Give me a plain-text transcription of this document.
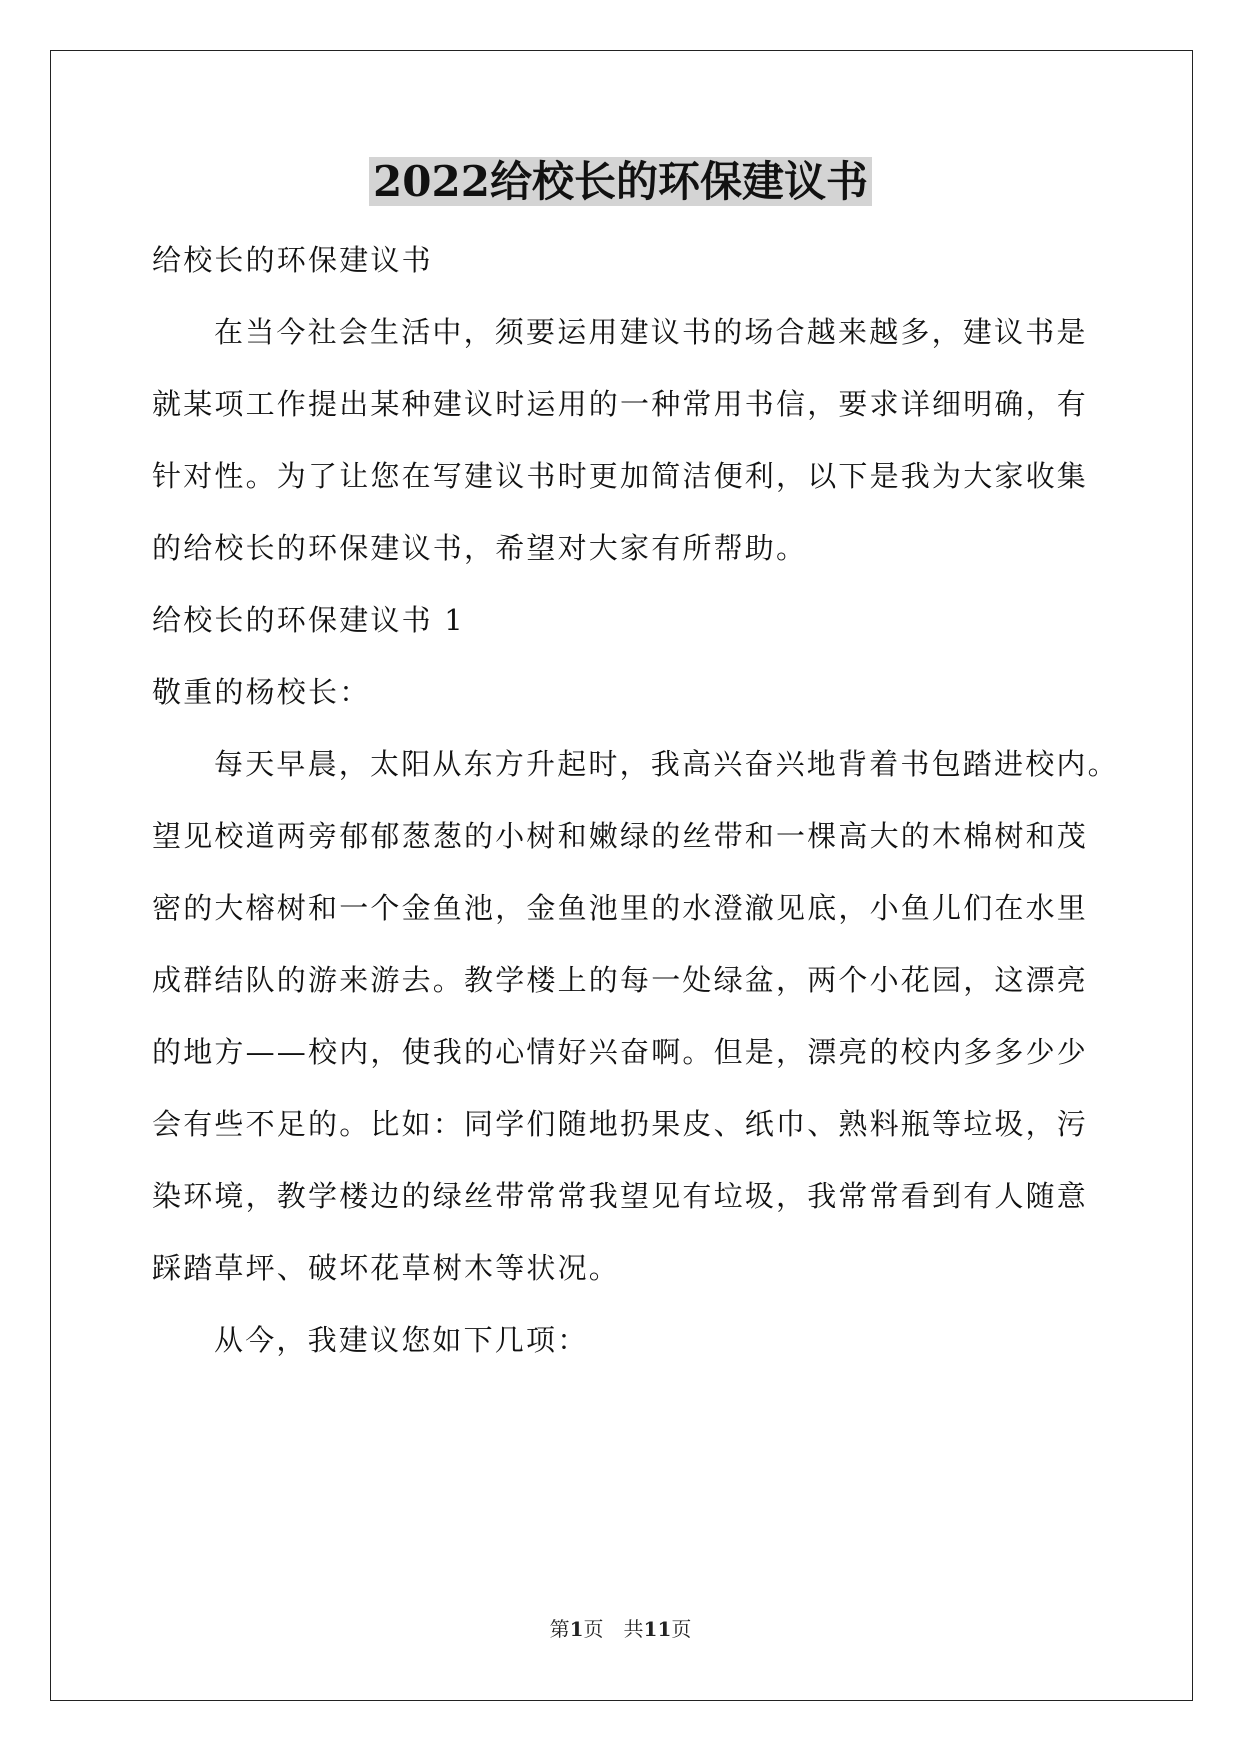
2022给校长的环保建议书
给校长的环保建议书
在当今社会生活中，须要运用建议书的场合越来越多，建议书是
就某项工作提出某种建议时运用的一种常用书信，要求详细明确，有
针对性。为了让您在写建议书时更加简洁便利，以下是我为大家收集
的给校长的环保建议书，希望对大家有所帮助。
给校长的环保建议书 1
敬重的杨校长：
每天早晨，太阳从东方升起时，我高兴奋兴地背着书包踏进校内。
望见校道两旁郁郁葱葱的小树和嫩绿的丝带和一棵高大的木棉树和茂
密的大榕树和一个金鱼池，金鱼池里的水澄澈见底，小鱼儿们在水里
成群结队的游来游去。教学楼上的每一处绿盆，两个小花园，这漂亮
的地方——校内，使我的心情好兴奋啊。但是，漂亮的校内多多少少
会有些不足的。比如：同学们随地扔果皮、纸巾、熟料瓶等垃圾，污
染环境，教学楼边的绿丝带常常我望见有垃圾，我常常看到有人随意
踩踏草坪、破坏花草树木等状况。
从今，我建议您如下几项：
第1页　共11页
